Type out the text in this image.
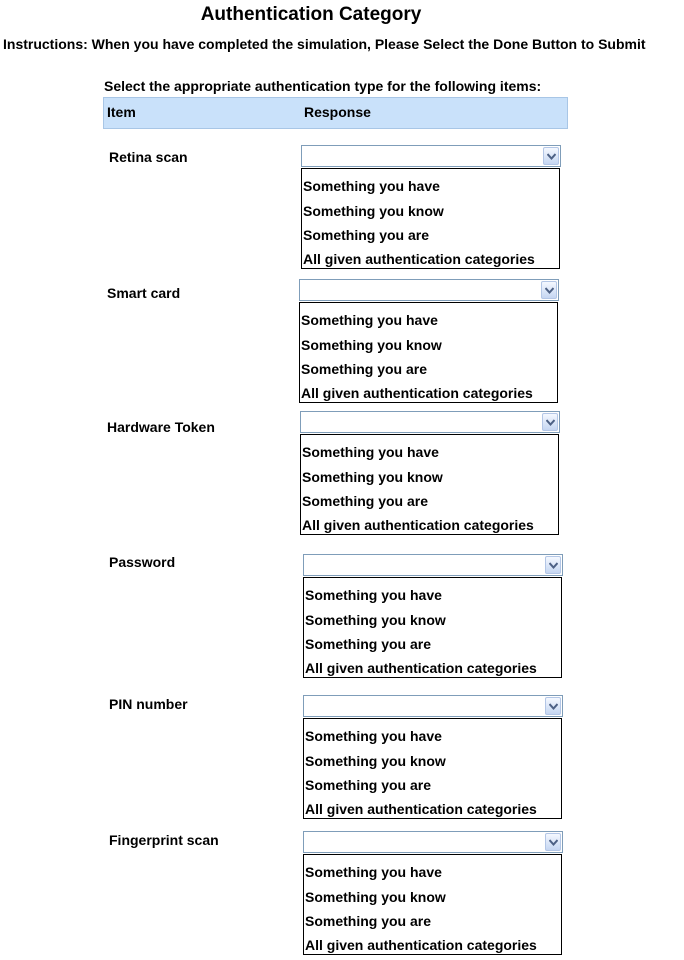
Authentication Category
Instructions: When you have completed the simulation, Please Select the Done Button to Submit
Select the appropriate authentication type for the following items:
Item	Response
Retina scan
Something you have
Something you know
Something you are
All given authentication categories
Smart card
Something you have
Something you know
Something you are
All given authentication categories
Hardware Token
Something you have
Something you know
Something you are
All given authentication categories
Password
Something you have
Something you know
Something you are
All given authentication categories
PIN number
Something you have
Something you know
Something you are
All given authentication categories
Fingerprint scan
Something you have
Something you know
Something you are
All given authentication categories
